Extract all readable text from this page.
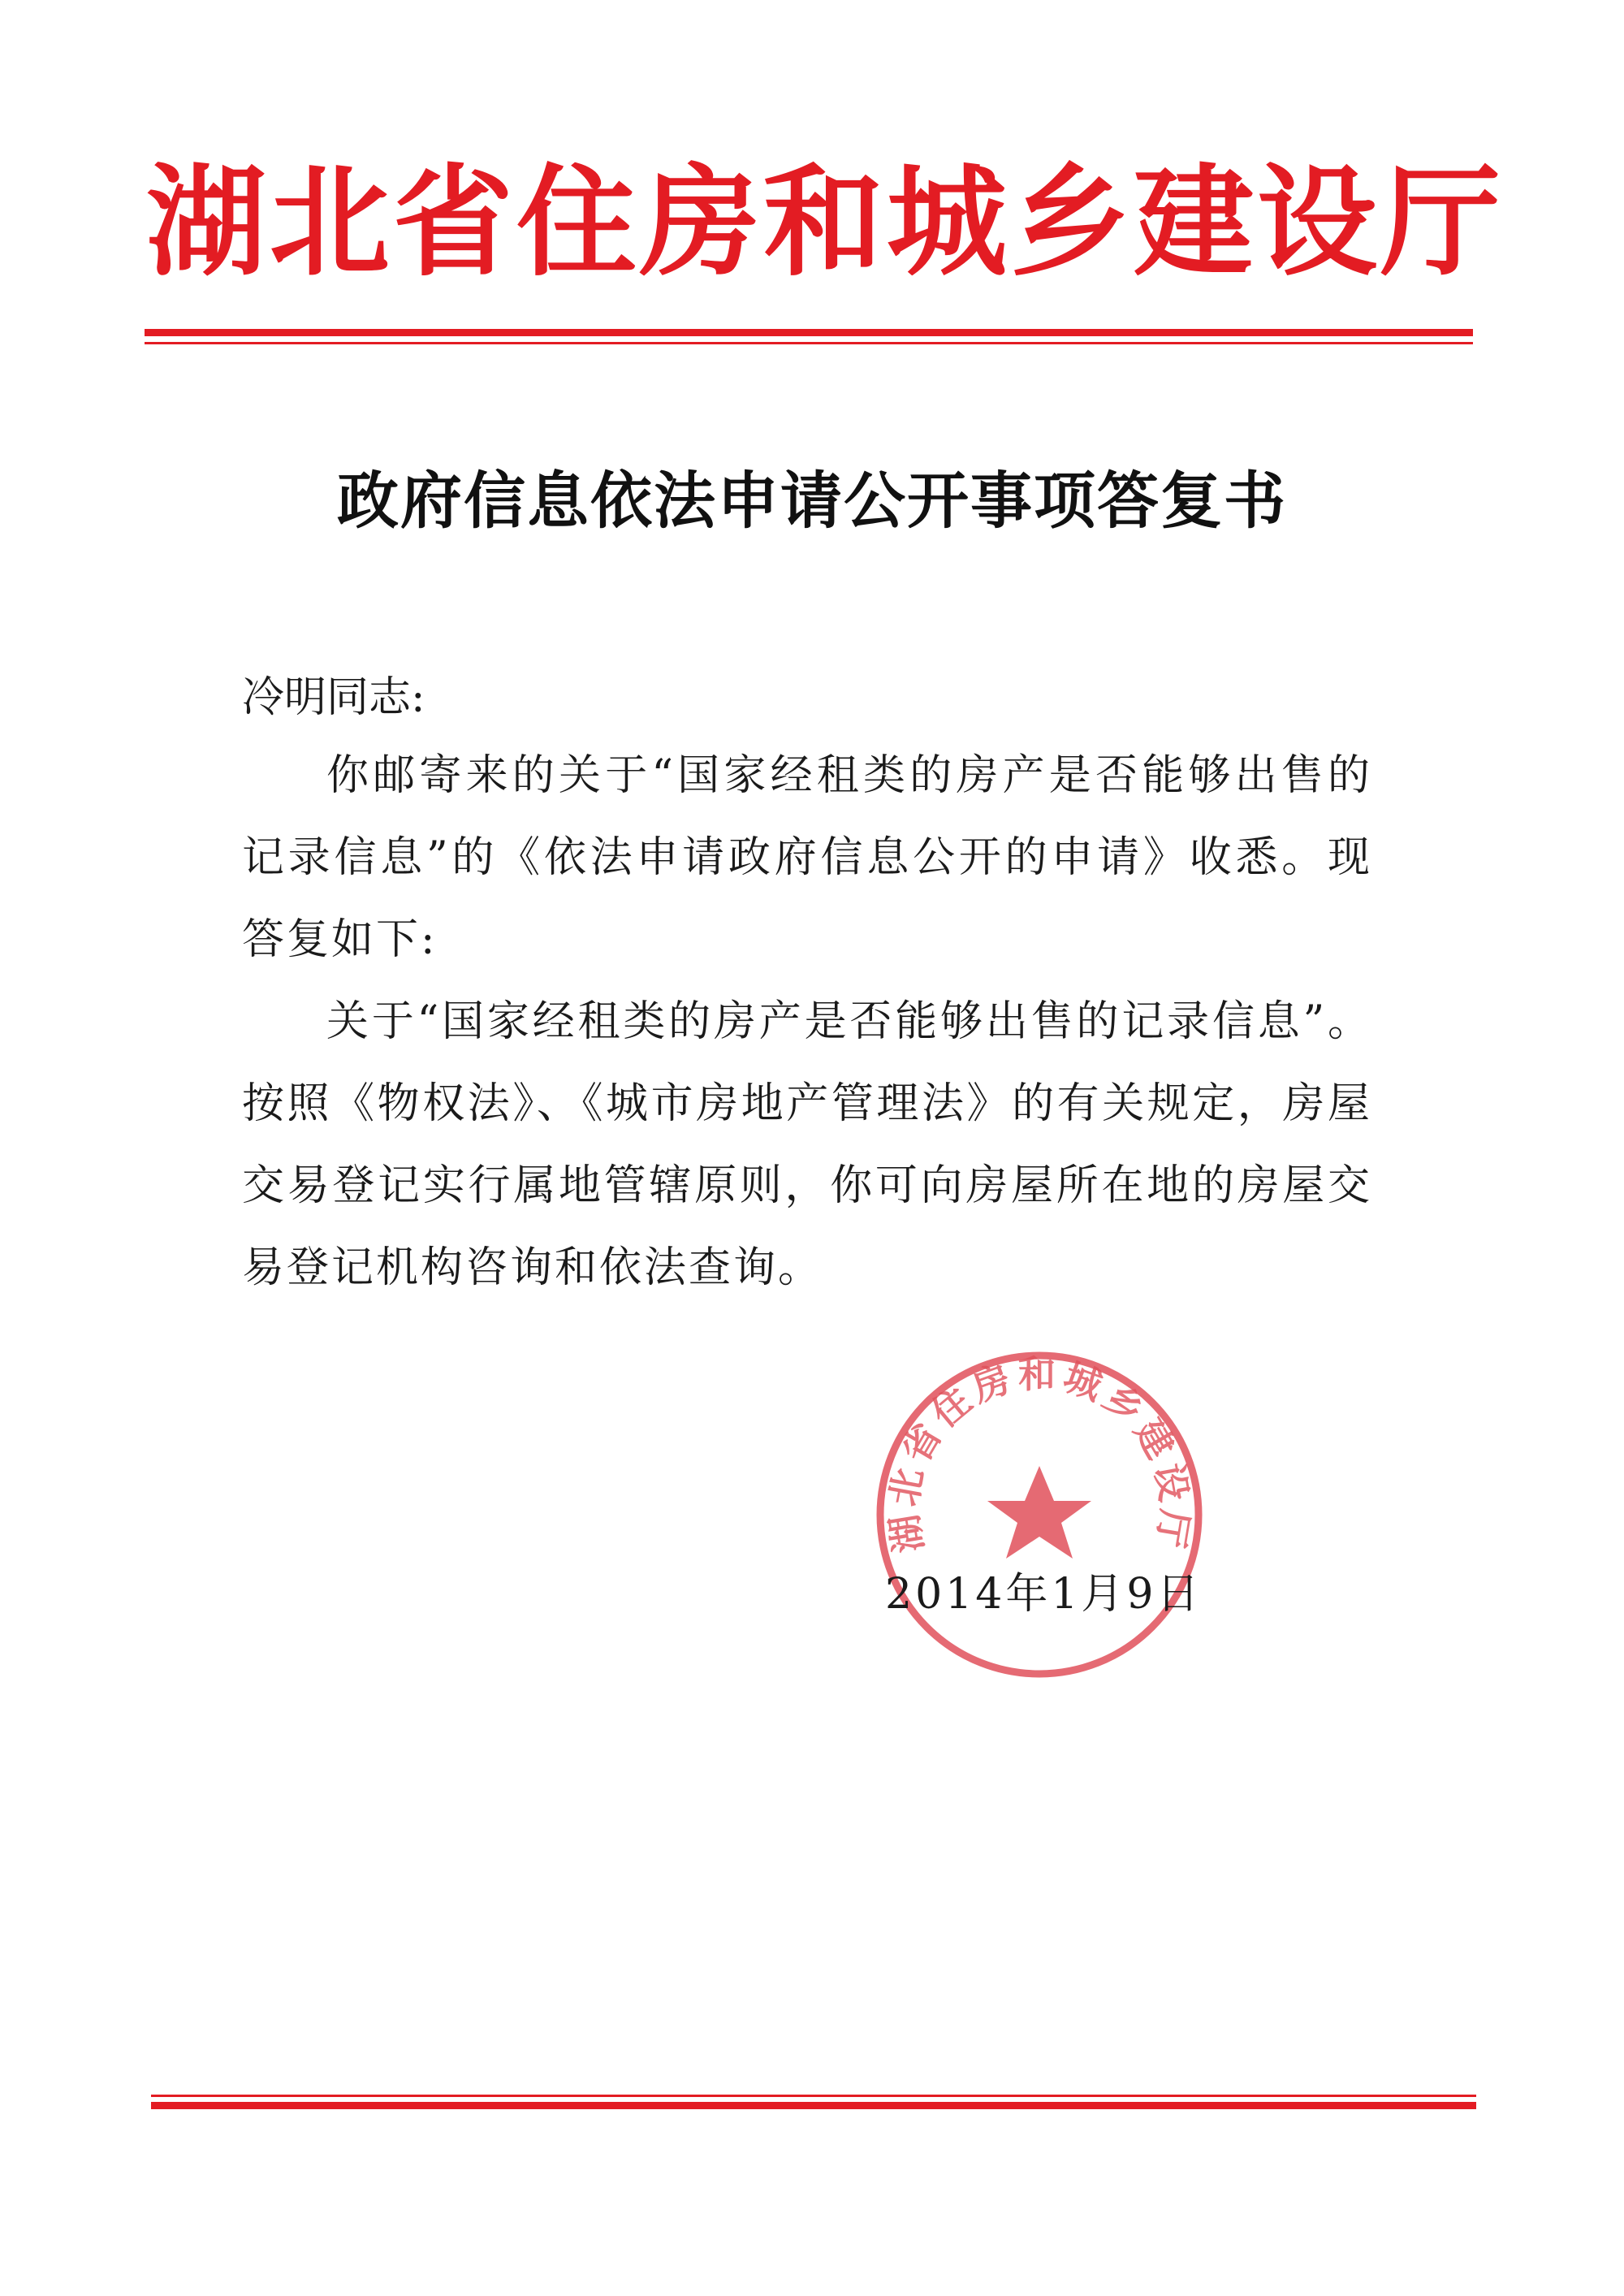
湖北省住房和城乡建设厅
政府信息依法申请公开事项答复书
冷明同志:

你邮寄来的关于“国家经租类的房产是否能够出售的记录信息”的《依法申请政府信息公开的申请》收悉。现答复如下:

关于“国家经租类的房产是否能够出售的记录信息”。按照《物权法》、《城市房地产管理法》的有关规定，房屋交易登记实行属地管辖原则，你可向房屋所在地的房屋交易登记机构咨询和依法查询。

湖北省住房和城乡建设厅
2014年1月9日
